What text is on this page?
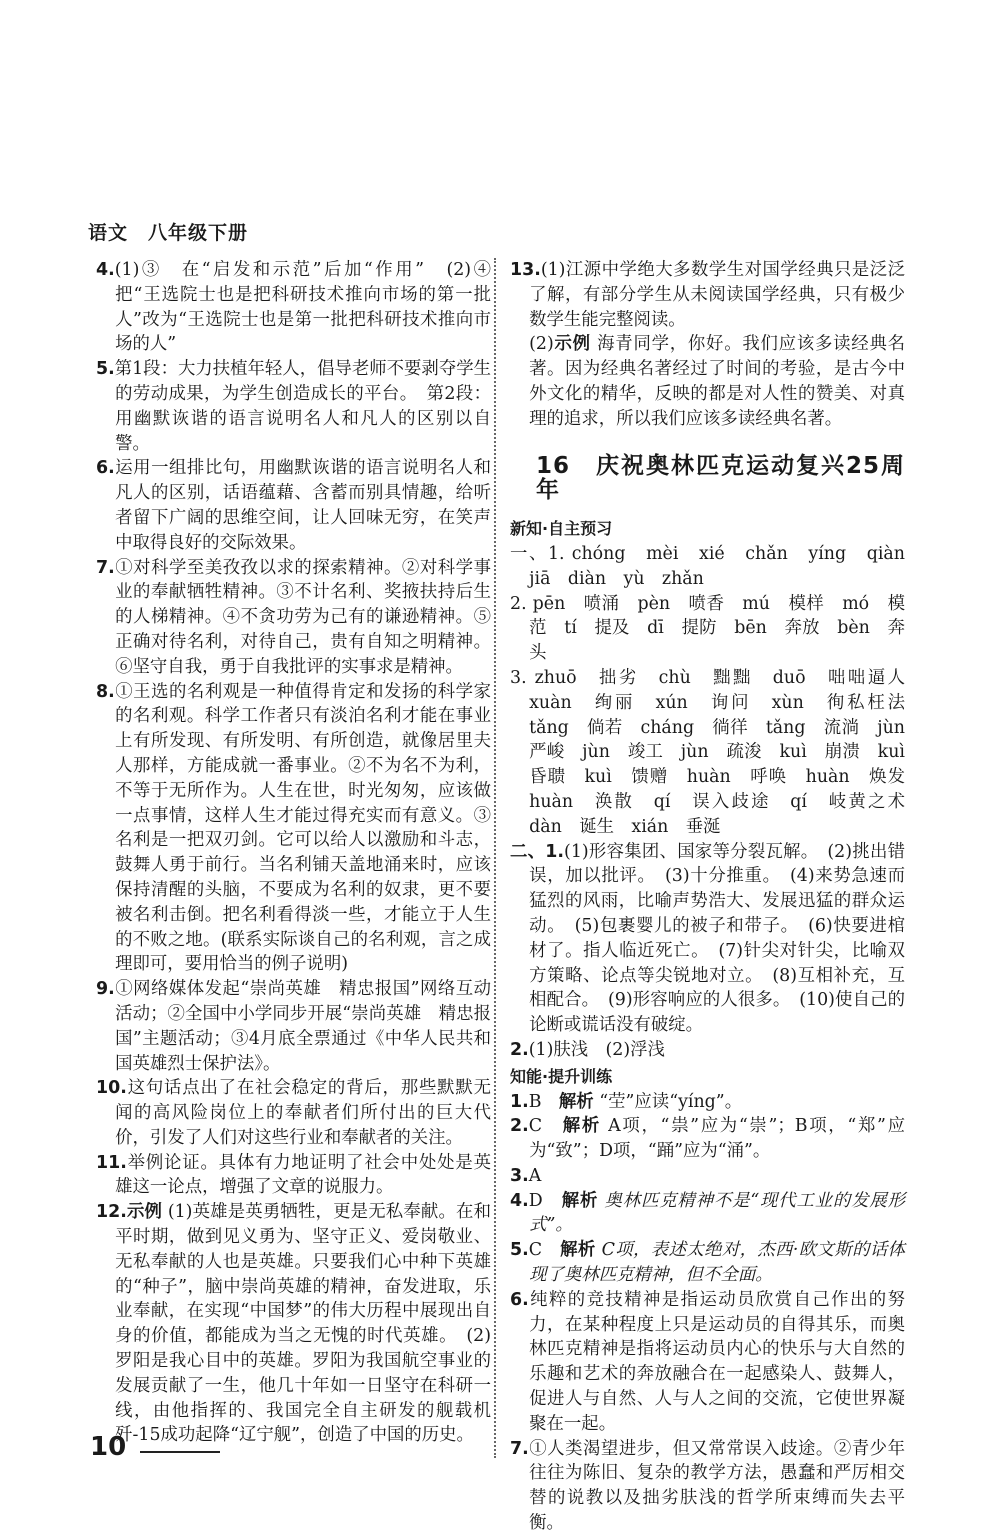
语文　八年级下册

4.(1)③　在“启发和示范”后加“作用”　(2)④　把“王选院士也是把科研技术推向市场的第一批人”改为“王选院士也是第一批把科研技术推向市场的人”

5.第1段：大力扶植年轻人，倡导老师不要剥夺学生的劳动成果，为学生创造成长的平台。　第2段：用幽默诙谐的语言说明名人和凡人的区别以自警。

6.运用一组排比句，用幽默诙谐的语言说明名人和凡人的区别，话语蕴藉、含蓄而别具情趣，给听者留下广阔的思维空间，让人回味无穷，在笑声中取得良好的交际效果。

7.①对科学至美孜孜以求的探索精神。②对科学事业的奉献牺牲精神。③不计名利、奖掖扶持后生的人梯精神。④不贪功劳为己有的谦逊精神。⑤正确对待名利，对待自己，贵有自知之明精神。⑥坚守自我，勇于自我批评的实事求是精神。

8.①王选的名利观是一种值得肯定和发扬的科学家的名利观。科学工作者只有淡泊名利才能在事业上有所发现、有所发明、有所创造，就像居里夫人那样，方能成就一番事业。②不为名不为利，不等于无所作为。人生在世，时光匆匆，应该做一点事情，这样人生才能过得充实而有意义。③名利是一把双刃剑。它可以给人以激励和斗志，鼓舞人勇于前行。当名利铺天盖地涌来时，应该保持清醒的头脑，不要成为名利的奴隶，更不要被名利击倒。把名利看得淡一些，才能立于人生的不败之地。(联系实际谈自己的名利观，言之成理即可，要用恰当的例子说明)

9.①网络媒体发起“崇尚英雄　精忠报国”网络互动活动；②全国中小学同步开展“崇尚英雄　精忠报国”主题活动；③4月底全票通过《中华人民共和国英雄烈士保护法》。

10.这句话点出了在社会稳定的背后，那些默默无闻的高风险岗位上的奉献者们所付出的巨大代价，引发了人们对这些行业和奉献者的关注。

11.举例论证。具体有力地证明了社会中处处是英雄这一论点，增强了文章的说服力。

12.示例 (1)英雄是英勇牺牲，更是无私奉献。在和平时期，做到见义勇为、坚守正义、爱岗敬业、无私奉献的人也是英雄。只要我们心中种下英雄的“种子”，脑中崇尚英雄的精神，奋发进取，乐业奉献，在实现“中国梦”的伟大历程中展现出自身的价值，都能成为当之无愧的时代英雄。　(2)罗阳是我心目中的英雄。罗阳为我国航空事业的发展贡献了一生，他几十年如一日坚守在科研一线，由他指挥的、我国完全自主研发的舰载机歼-15成功起降“辽宁舰”，创造了中国的历史。

13.(1)江源中学绝大多数学生对国学经典只是泛泛了解，有部分学生从未阅读国学经典，只有极少数学生能完整阅读。

(2)示例 海青同学，你好。我们应该多读经典名著。因为经典名著经过了时间的考验，是古今中外文化的精华，反映的都是对人性的赞美、对真理的追求，所以我们应该多读经典名著。

16　庆祝奥林匹克运动复兴25周年
新知·自主预习

一、1. chóng　mèi　xié　chǎn　yíng　qiàn　jiā　diàn　yù　zhǎn

2. pēn　喷涌　pèn　喷香　mú　模样　mó　模范　tí　提及　dī　提防　bēn　奔放　bèn　奔头

3. zhuō　拙劣　chù　黜黜　duō　咄咄逼人　xuàn　绚丽　xún　询问　xùn　徇私枉法　tǎng　倘若　cháng　徜徉　tǎng　流淌　jùn　严峻　jùn　竣工　jùn　疏浚　kuì　崩溃　kuì　昏聩　kuì　馈赠　huàn　呼唤　huàn　焕发　huàn　涣散　qí　误入歧途　qí　岐黄之术　dàn　诞生　xián　垂涎

二、1.(1)形容集团、国家等分裂瓦解。　(2)挑出错误，加以批评。　(3)十分推重。　(4)来势急速而猛烈的风雨，比喻声势浩大、发展迅猛的群众运动。　(5)包裹婴儿的被子和带子。　(6)快要进棺材了。指人临近死亡。　(7)针尖对针尖，比喻双方策略、论点等尖锐地对立。　(8)互相补充，互相配合。　(9)形容响应的人很多。　(10)使自己的论断或谎话没有破绽。

2.(1)肤浅　(2)浮浅

知能·提升训练

1.B　 解析 “茔”应读“yíng”。

2.C　 解析 A项，“祟”应为“崇”；B项，“郑”应为“致”；D项，“踊”应为“涌”。

3.A

4.D　 解析 奥林匹克精神不是“现代工业的发展形式”。

5.C　 解析 C项，表述太绝对，杰西·欧文斯的话体现了奥林匹克精神，但不全面。

6.纯粹的竞技精神是指运动员欣赏自己作出的努力，在某种程度上只是运动员的自得其乐，而奥林匹克精神是指将运动员内心的快乐与大自然的乐趣和艺术的奔放融合在一起感染人、鼓舞人，促进人与自然、人与人之间的交流，它使世界凝聚在一起。

7.①人类渴望进步，但又常常误入歧途。②青少年往往为陈旧、复杂的教学方法，愚蠢和严厉相交替的说教以及拙劣肤浅的哲学所束缚而失去平衡。

10
